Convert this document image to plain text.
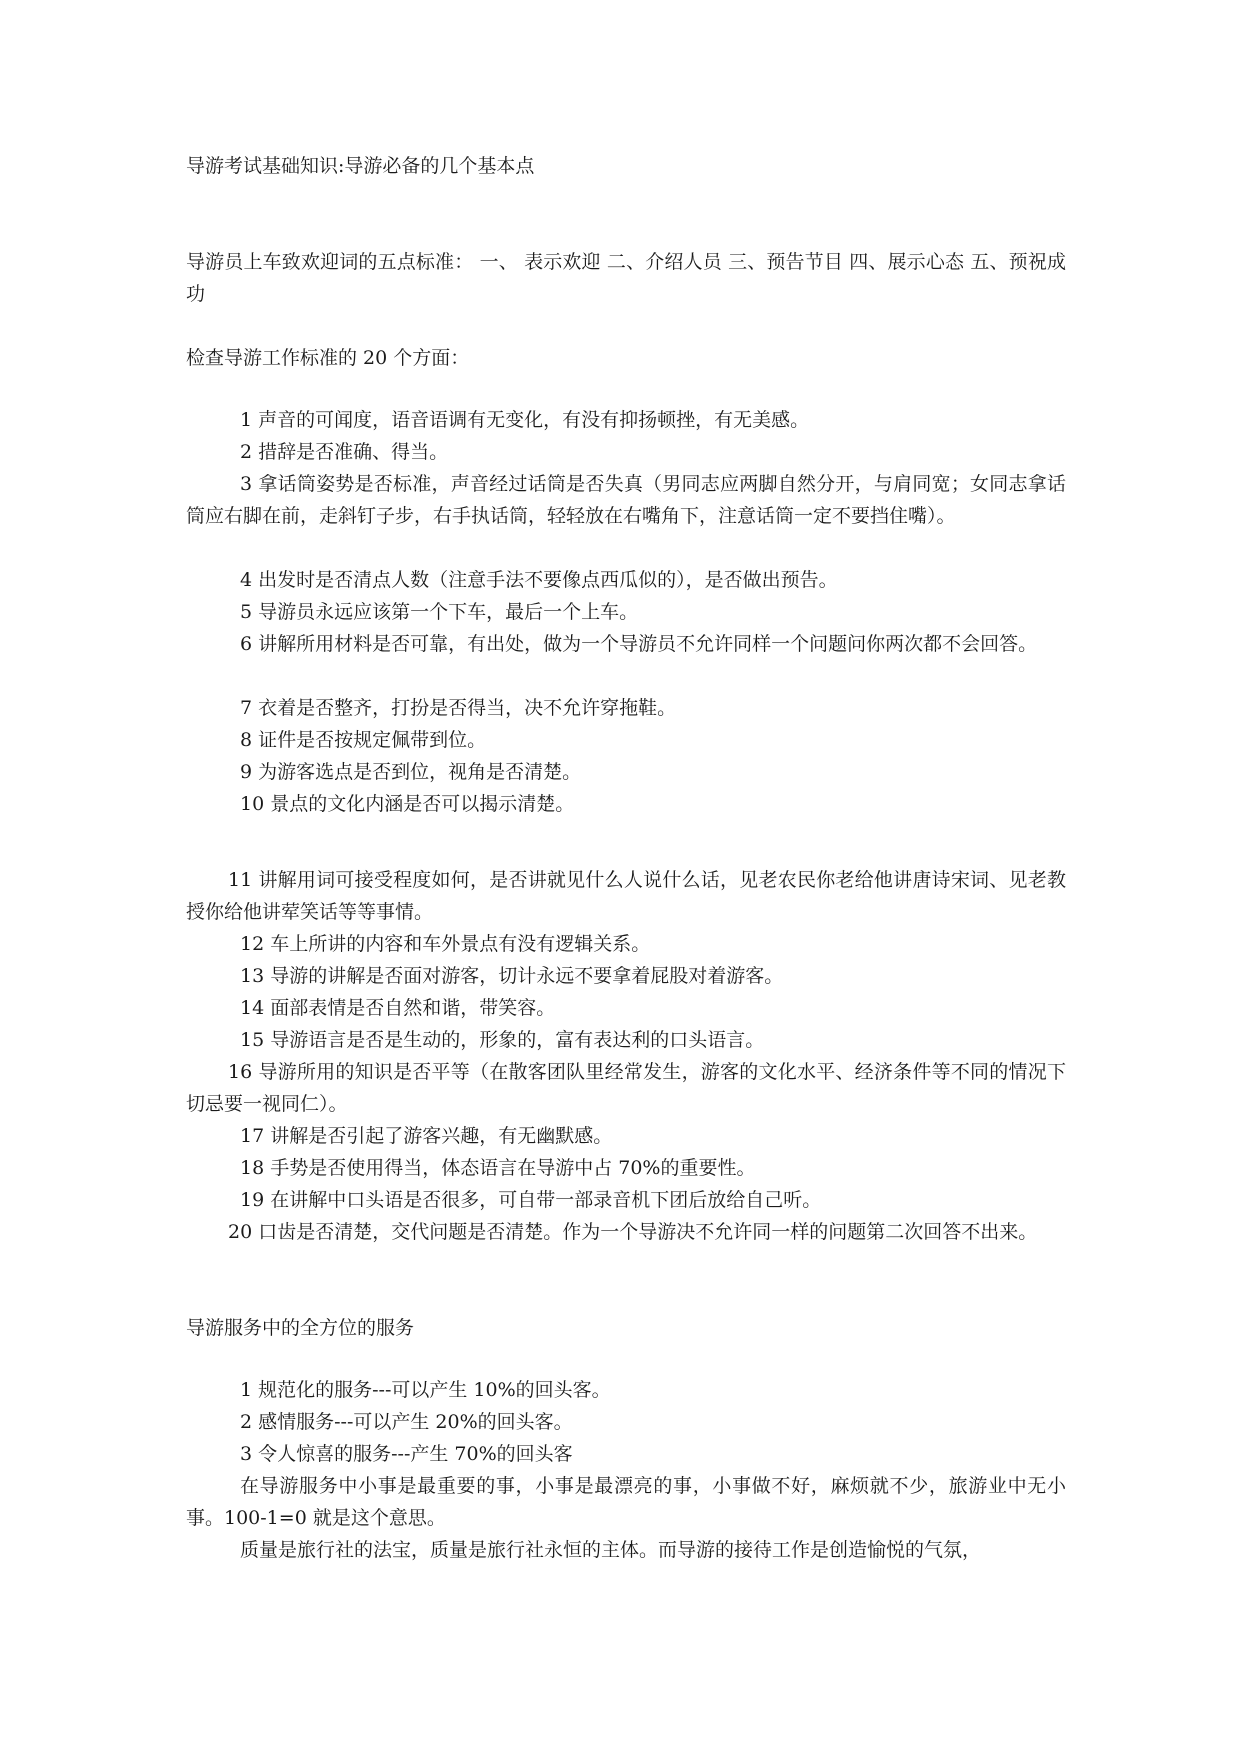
导游考试基础知识:导游必备的几个基本点

导游员上车致欢迎词的五点标准： 一、 表示欢迎 二、介绍人员 三、预告节目 四、展示心态 五、预祝成功

检查导游工作标准的 20 个方面：

1 声音的可闻度，语音语调有无变化，有没有抑扬顿挫，有无美感。

2 措辞是否准确、得当。

3 拿话筒姿势是否标准，声音经过话筒是否失真（男同志应两脚自然分开，与肩同宽；女同志拿话筒应右脚在前，走斜钉子步，右手执话筒，轻轻放在右嘴角下，注意话筒一定不要挡住嘴）。

4 出发时是否清点人数（注意手法不要像点西瓜似的），是否做出预告。

5 导游员永远应该第一个下车，最后一个上车。

6 讲解所用材料是否可靠，有出处，做为一个导游员不允许同样一个问题问你两次都不会回答。

7 衣着是否整齐，打扮是否得当，决不允许穿拖鞋。

8 证件是否按规定佩带到位。

9 为游客选点是否到位，视角是否清楚。

10 景点的文化内涵是否可以揭示清楚。

11 讲解用词可接受程度如何，是否讲就见什么人说什么话，见老农民你老给他讲唐诗宋词、见老教授你给他讲荤笑话等等事情。

12 车上所讲的内容和车外景点有没有逻辑关系。

13 导游的讲解是否面对游客，切计永远不要拿着屁股对着游客。

14 面部表情是否自然和谐，带笑容。

15 导游语言是否是生动的，形象的，富有表达利的口头语言。

16 导游所用的知识是否平等（在散客团队里经常发生，游客的文化水平、经济条件等不同的情况下切忌要一视同仁）。

17 讲解是否引起了游客兴趣，有无幽默感。

18 手势是否使用得当，体态语言在导游中占 70%的重要性。

19 在讲解中口头语是否很多，可自带一部录音机下团后放给自己听。

20 口齿是否清楚，交代问题是否清楚。作为一个导游决不允许同一样的问题第二次回答不出来。

导游服务中的全方位的服务

1 规范化的服务---可以产生 10%的回头客。

2 感情服务---可以产生 20%的回头客。

3 令人惊喜的服务---产生 70%的回头客

在导游服务中小事是最重要的事，小事是最漂亮的事，小事做不好，麻烦就不少，旅游业中无小事。100-1=0 就是这个意思。

质量是旅行社的法宝，质量是旅行社永恒的主体。而导游的接待工作是创造愉悦的气氛，
